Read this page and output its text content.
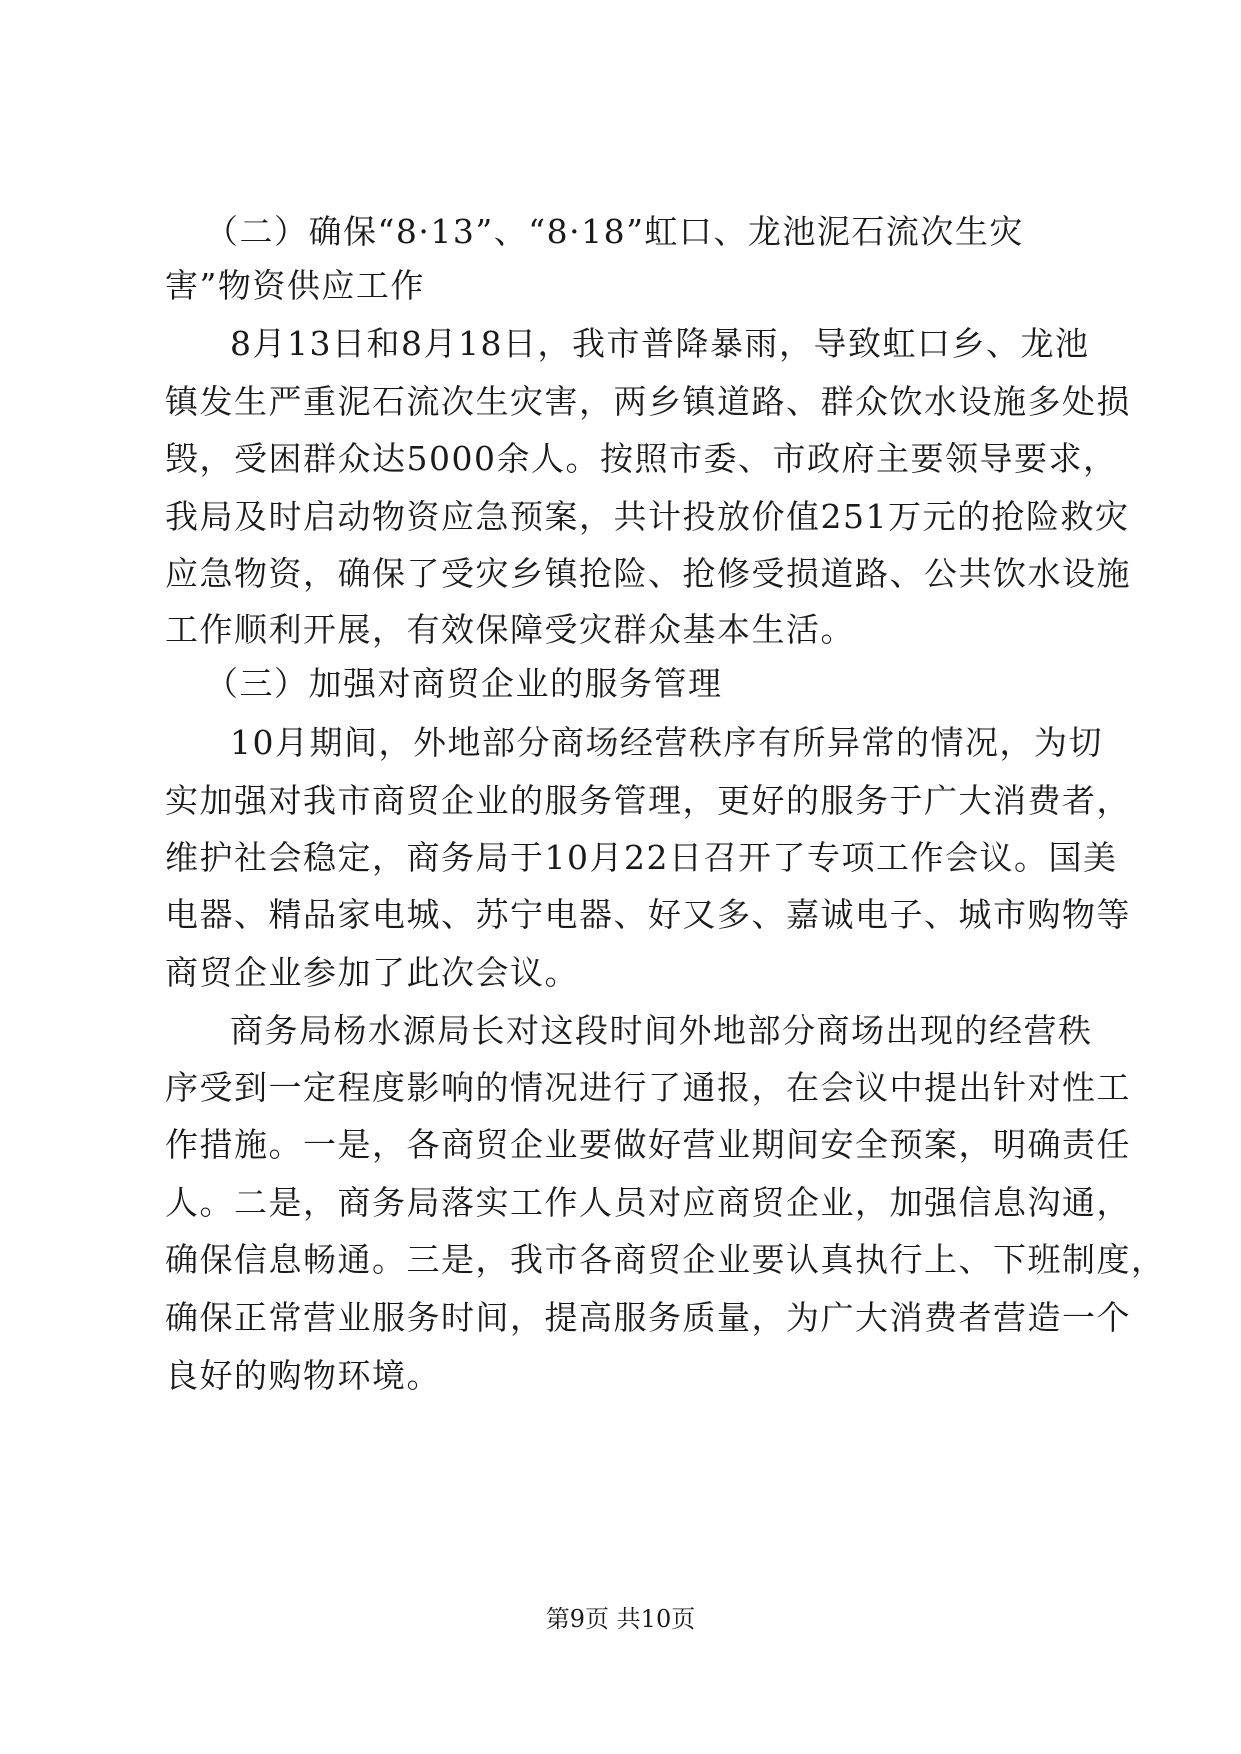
（二）确保“8·13”、“8·18”虹口、龙池泥石流次生灾
害”物资供应工作
8月13日和8月18日，我市普降暴雨，导致虹口乡、龙池
镇发生严重泥石流次生灾害，两乡镇道路、群众饮水设施多处损
毁，受困群众达5000余人。按照市委、市政府主要领导要求，
我局及时启动物资应急预案，共计投放价值251万元的抢险救灾
应急物资，确保了受灾乡镇抢险、抢修受损道路、公共饮水设施
工作顺利开展，有效保障受灾群众基本生活。
（三）加强对商贸企业的服务管理
10月期间，外地部分商场经营秩序有所异常的情况，为切
实加强对我市商贸企业的服务管理，更好的服务于广大消费者，
维护社会稳定，商务局于10月22日召开了专项工作会议。国美
电器、精品家电城、苏宁电器、好又多、嘉诚电子、城市购物等
商贸企业参加了此次会议。
商务局杨水源局长对这段时间外地部分商场出现的经营秩
序受到一定程度影响的情况进行了通报，在会议中提出针对性工
作措施。一是，各商贸企业要做好营业期间安全预案，明确责任
人。二是，商务局落实工作人员对应商贸企业，加强信息沟通，
确保信息畅通。三是，我市各商贸企业要认真执行上、下班制度，
确保正常营业服务时间，提高服务质量，为广大消费者营造一个
良好的购物环境。
第9页 共10页
